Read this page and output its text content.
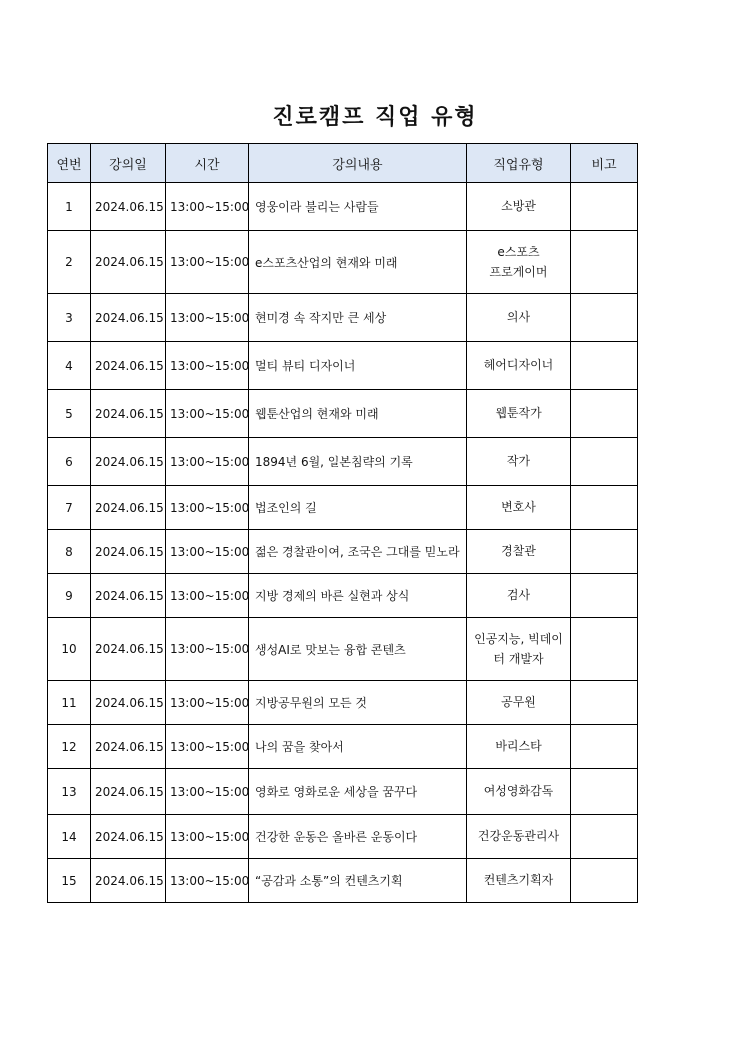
진로캠프 직업 유형
연번	강의일	시간	강의내용	직업유형	비고
1	2024.06.15	13:00~15:00	영웅이라 불리는 사람들	소방관	
2	2024.06.15	13:00~15:00	e스포츠산업의 현재와 미래	e스포츠
프로게이머	
3	2024.06.15	13:00~15:00	현미경 속 작지만 큰 세상	의사	
4	2024.06.15	13:00~15:00	멀티 뷰티 디자이너	헤어디자이너	
5	2024.06.15	13:00~15:00	웹툰산업의 현재와 미래	웹툰작가	
6	2024.06.15	13:00~15:00	1894년 6월, 일본침략의 기록	작가	
7	2024.06.15	13:00~15:00	법조인의 길	변호사	
8	2024.06.15	13:00~15:00	젊은 경찰관이여, 조국은 그대를 믿노라	경찰관	
9	2024.06.15	13:00~15:00	지방 경제의 바른 실현과 상식	검사	
10	2024.06.15	13:00~15:00	생성AI로 맛보는 융합 콘텐츠	인공지능, 빅데이터 개발자	
11	2024.06.15	13:00~15:00	지방공무원의 모든 것	공무원	
12	2024.06.15	13:00~15:00	나의 꿈을 찾아서	바리스타	
13	2024.06.15	13:00~15:00	영화로 영화로운 세상을 꿈꾸다	여성영화감독	
14	2024.06.15	13:00~15:00	건강한 운동은 올바른 운동이다	건강운동관리사	
15	2024.06.15	13:00~15:00	“공감과 소통”의 컨텐츠기획	컨텐츠기획자	
